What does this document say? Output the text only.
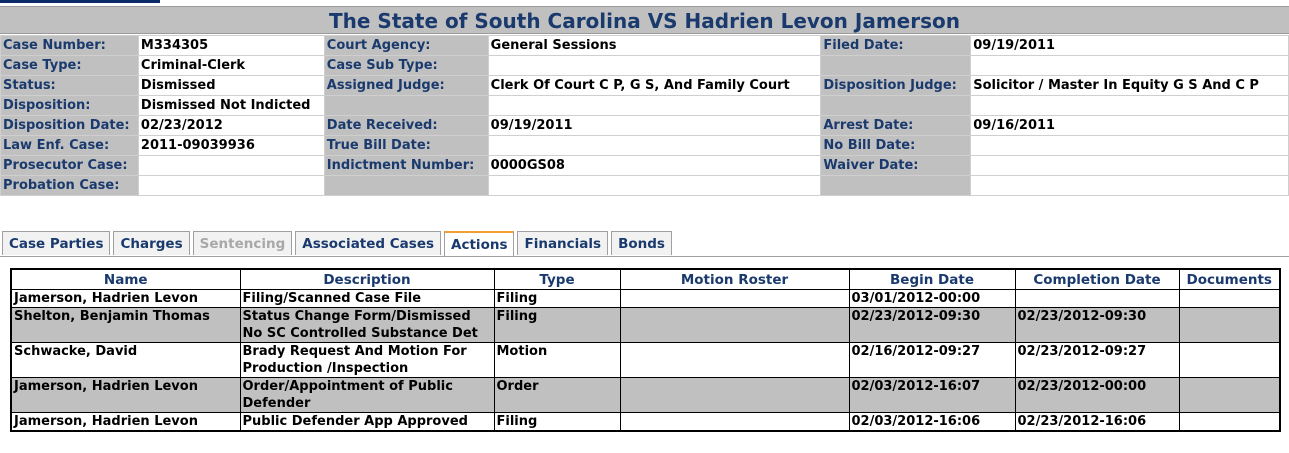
The State of South Carolina VS Hadrien Levon Jamerson
Case Number:	M334305	Court Agency:	General Sessions	Filed Date:	09/19/2011
Case Type:	Criminal-Clerk	Case Sub Type:			
Status:	Dismissed	Assigned Judge:	Clerk Of Court C P, G S, And Family Court	Disposition Judge:	Solicitor / Master In Equity G S And C P
Disposition:	Dismissed Not Indicted				
Disposition Date:	02/23/2012	Date Received:	09/19/2011	Arrest Date:	09/16/2011
Law Enf. Case:	2011-09039936	True Bill Date:		No Bill Date:	
Prosecutor Case:		Indictment Number:	0000GS08	Waiver Date:	
Probation Case:					
Case Parties	Charges	Sentencing	Associated Cases	Actions	Financials	Bonds
Name	Description	Type	Motion Roster	Begin Date	Completion Date	Documents
Jamerson, Hadrien Levon	Filing/Scanned Case File	Filing		03/01/2012-00:00		
Shelton, Benjamin Thomas	Status Change Form/Dismissed No SC Controlled Substance Det	Filing		02/23/2012-09:30	02/23/2012-09:30	
Schwacke, David	Brady Request And Motion For Production /Inspection	Motion		02/16/2012-09:27	02/23/2012-09:27	
Jamerson, Hadrien Levon	Order/Appointment of Public Defender	Order		02/03/2012-16:07	02/23/2012-00:00	
Jamerson, Hadrien Levon	Public Defender App Approved	Filing		02/03/2012-16:06	02/23/2012-16:06	
